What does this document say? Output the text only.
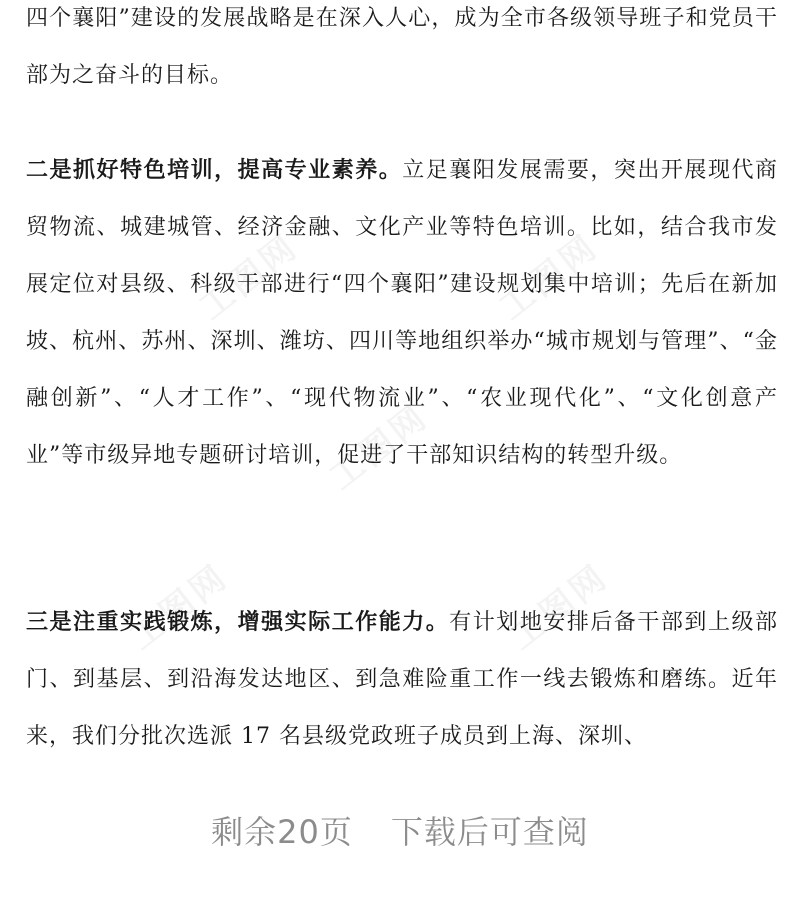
四个襄阳”建设的发展战略是在深入人心，成为全市各级领导班子和党员干部为之奋斗的目标。

二是抓好特色培训，提高专业素养。立足襄阳发展需要，突出开展现代商贸物流、城建城管、经济金融、文化产业等特色培训。比如，结合我市发展定位对县级、科级干部进行“四个襄阳”建设规划集中培训；先后在新加坡、杭州、苏州、深圳、潍坊、四川等地组织举办“城市规划与管理”、“金融创新”、“人才工作”、“现代物流业”、“农业现代化”、“文化创意产业”等市级异地专题研讨培训，促进了干部知识结构的转型升级。

三是注重实践锻炼，增强实际工作能力。有计划地安排后备干部到上级部门、到基层、到沿海发达地区、到急难险重工作一线去锻炼和磨练。近年来，我们分批次选派 17 名县级党政班子成员到上海、深圳、

剩余20页 下载后可查阅
